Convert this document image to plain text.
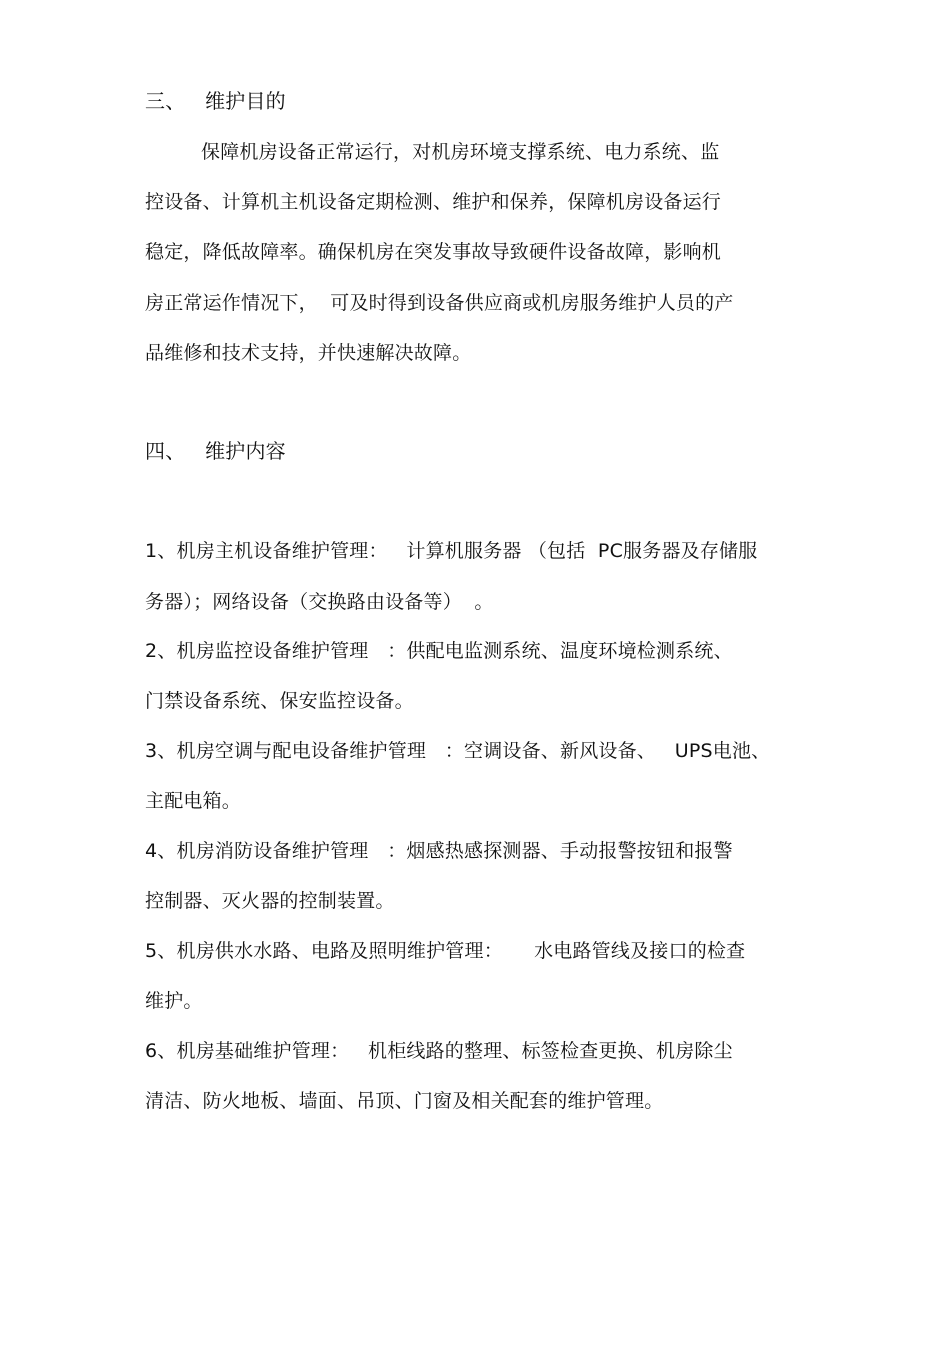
三、   维护目的
保障机房设备正常运行，对机房环境支撑系统、电力系统、监
控设备、计算机主机设备定期检测、维护和保养，保障机房设备运行
稳定，降低故障率。确保机房在突发事故导致硬件设备故障，影响机
房正常运作情况下，  可及时得到设备供应商或机房服务维护人员的产
品维修和技术支持，并快速解决故障。
四、   维护内容
1、机房主机设备维护管理：   计算机服务器 （包括  PC服务器及存储服
务器）；网络设备（交换路由设备等）  。
2、机房监控设备维护管理   ：供配电监测系统、温度环境检测系统、
门禁设备系统、保安监控设备。
3、机房空调与配电设备维护管理   ：空调设备、新风设备、   UPS电池、
主配电箱。
4、机房消防设备维护管理   ：烟感热感探测器、手动报警按钮和报警
控制器、灭火器的控制装置。
5、机房供水水路、电路及照明维护管理：     水电路管线及接口的检查
维护。
6、机房基础维护管理：   机柜线路的整理、标签检查更换、机房除尘
清洁、防火地板、墙面、吊顶、门窗及相关配套的维护管理。
